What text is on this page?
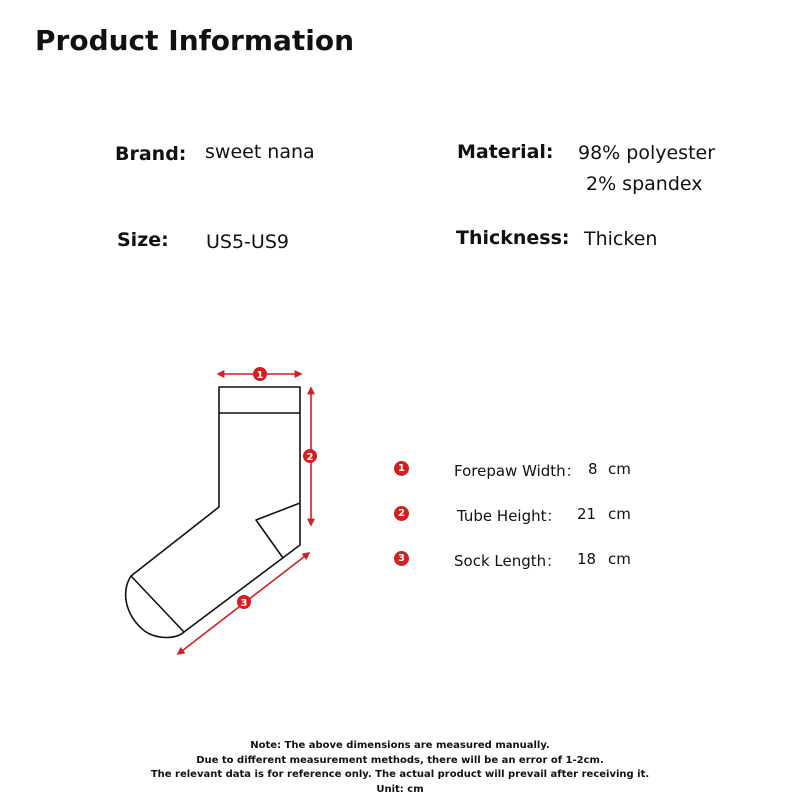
Product Information
Brand: sweet nana	Material: 98% polyester
2% spandex
Size: US5-US9	Thickness: Thicken
1
2
3
1	Forepaw Width： 8 cm
2	Tube Height： 21 cm
3	Sock Length： 18 cm
Note: The above dimensions are measured manually.
Due to different measurement methods, there will be an error of 1-2cm.
The relevant data is for reference only. The actual product will prevail after receiving it.
Unit: cm
